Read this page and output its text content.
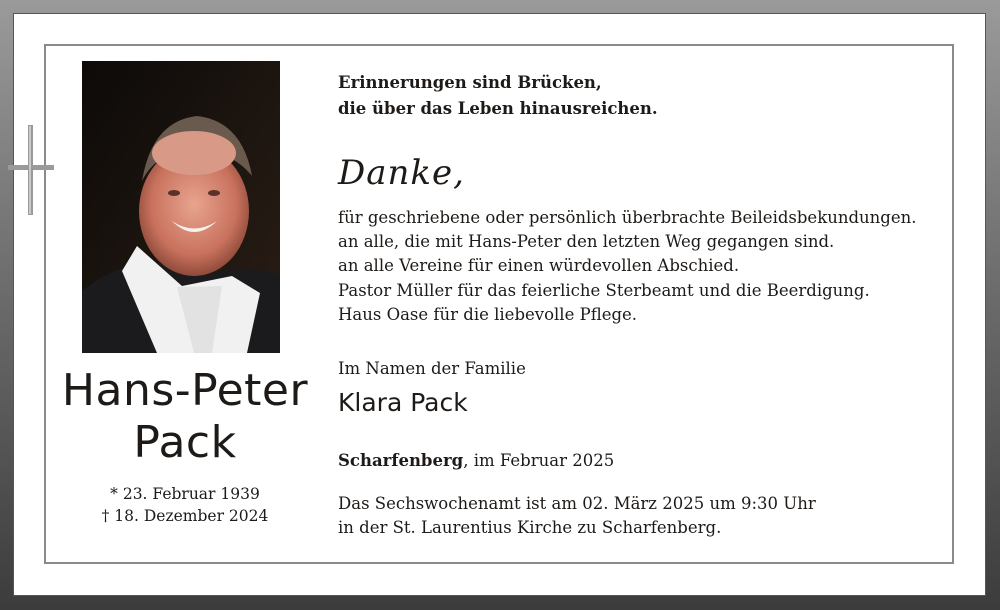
Hans-Peter
Pack
* 23. Februar 1939
† 18. Dezember 2024
Erinnerungen sind Brücken,
die über das Leben hinausreichen.
Danke,
für geschriebene oder persönlich überbrachte Beileidsbekundungen.
an alle, die mit Hans-Peter den letzten Weg gegangen sind.
an alle Vereine für einen würdevollen Abschied.
Pastor Müller für das feierliche Sterbeamt und die Beerdigung.
Haus Oase für die liebevolle Pflege.
Im Namen der Familie
Klara Pack
Scharfenberg, im Februar 2025
Das Sechswochenamt ist am 02. März 2025 um 9:30 Uhr
in der St. Laurentius Kirche zu Scharfenberg.
